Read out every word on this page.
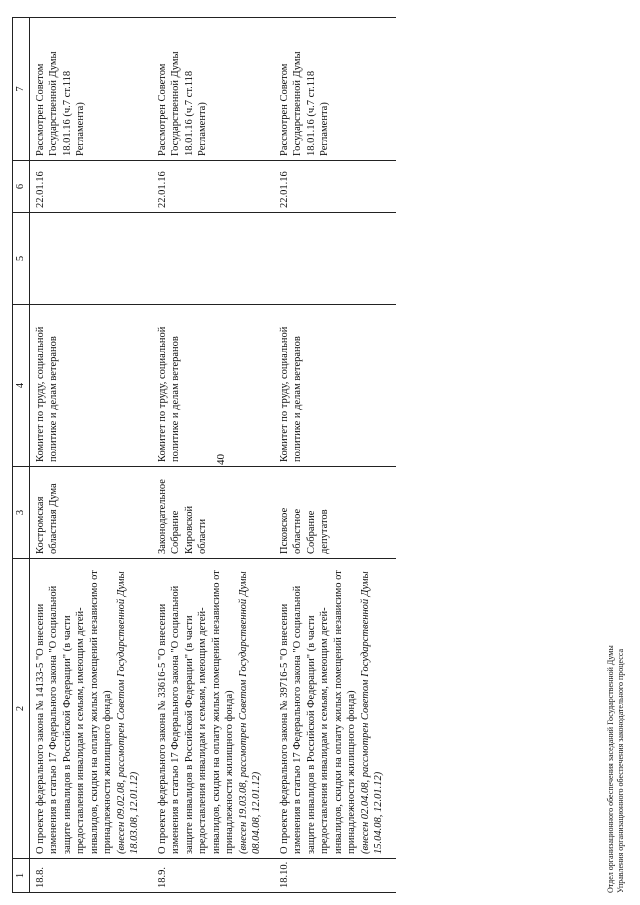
40
1	2	3	4	5	6	7
18.8.	О проекте федерального закона № 14133-5 "О внесении изменения в статью 17 Федерального закона "О социальной защите инвалидов в Российской Федерации" (в части предоставления инвалидам и семьям, имеющим детей-инвалидов, скидки на оплату жилых помещений независимо от принадлежности жилищного фонда) (внесен 09.02.08, рассмотрен Советом Государственной Думы 18.03.08, 12.01.12)	Костромская областная Дума	Комитет по труду, социальной политике и делам ветеранов		22.01.16	Рассмотрен Советом Государственной Думы 18.01.16 (ч.7 ст.118 Регламента)
18.9.	О проекте федерального закона № 33616-5 "О внесении изменения в статью 17 Федерального закона "О социальной защите инвалидов в Российской Федерации" (в части предоставления инвалидам и семьям, имеющим детей-инвалидов, скидки на оплату жилых помещений независимо от принадлежности жилищного фонда) (внесен 19.03.08, рассмотрен Советом Государственной Думы 08.04.08, 12.01.12)	Законодательное Собрание Кировской области	Комитет по труду, социальной политике и делам ветеранов		22.01.16	Рассмотрен Советом Государственной Думы 18.01.16 (ч.7 ст.118 Регламента)
18.10.	О проекте федерального закона № 39716-5 "О внесении изменения в статью 17 Федерального закона "О социальной защите инвалидов в Российской Федерации" (в части предоставления инвалидам и семьям, имеющим детей-инвалидов, скидки на оплату жилых помещений независимо от принадлежности жилищного фонда) (внесен 02.04.08, рассмотрен Советом Государственной Думы 15.04.08, 12.01.12)	Псковское областное Собрание депутатов	Комитет по труду, социальной политике и делам ветеранов		22.01.16	Рассмотрен Советом Государственной Думы 18.01.16 (ч.7 ст.118 Регламента)
Отдел организационного обеспечения заседаний Государственной Думы Управления организационного обеспечения законодательного процесса
